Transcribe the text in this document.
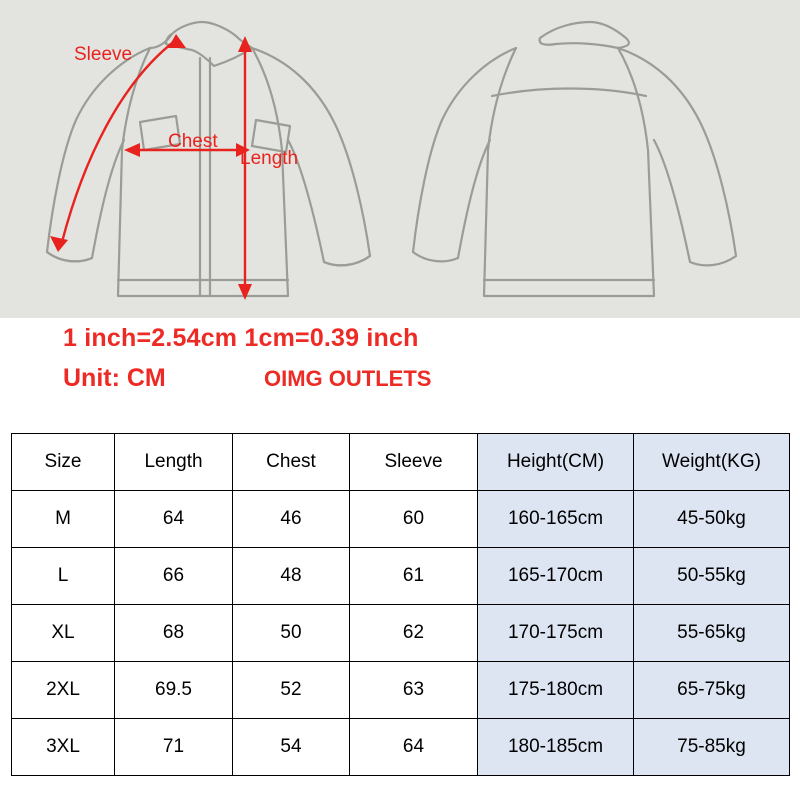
Sleeve
Chest
Length
1 inch=2.54cm 1cm=0.39 inch
Unit: CM	OIMG OUTLETS
Size	Length	Chest	Sleeve	Height(CM)	Weight(KG)
M	64	46	60	160-165cm	45-50kg
L	66	48	61	165-170cm	50-55kg
XL	68	50	62	170-175cm	55-65kg
2XL	69.5	52	63	175-180cm	65-75kg
3XL	71	54	64	180-185cm	75-85kg
